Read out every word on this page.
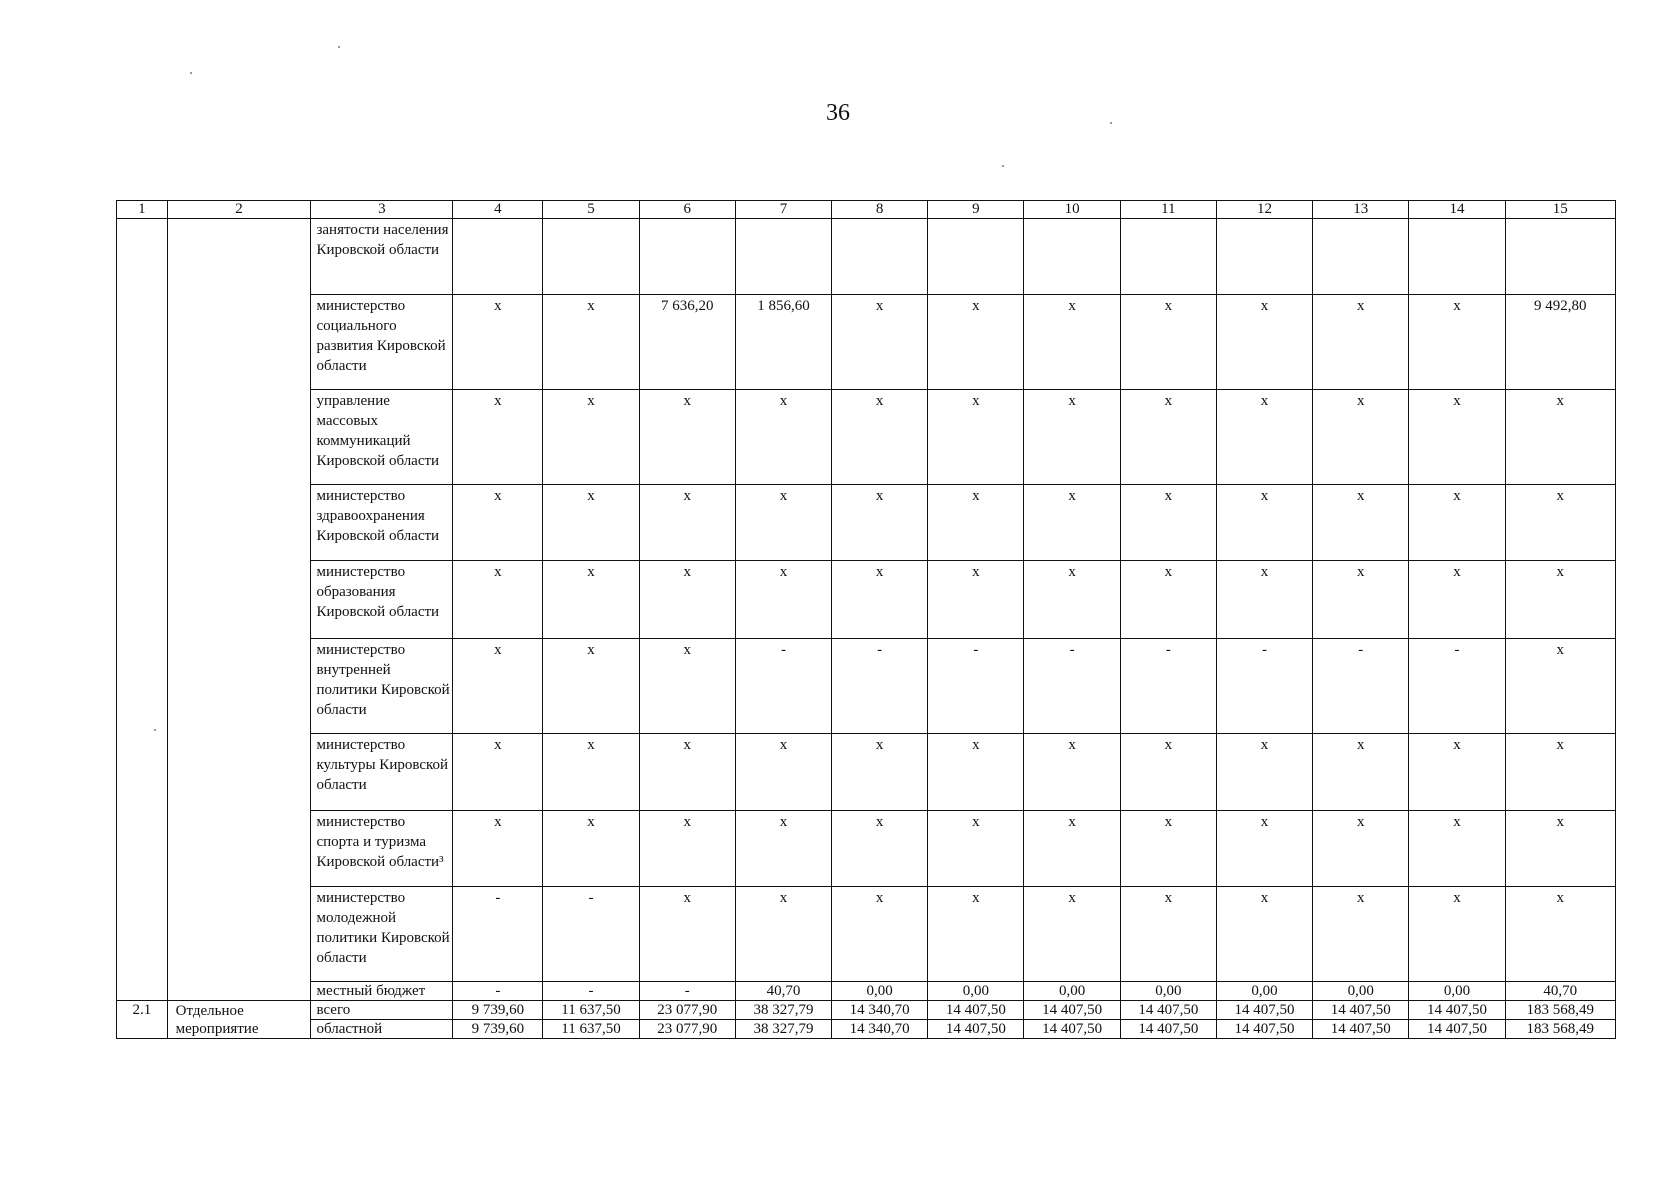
36
1	2	3	4	5	6	7	8	9	10	11	12	13	14	15
		занятости населения Кировской области												
		министерство социального развития Кировской области	x	x	7 636,20	1 856,60	x	x	x	x	x	x	x	9 492,80
		управление массовых коммуникаций Кировской области	x	x	x	x	x	x	x	x	x	x	x	x
		министерство здравоохранения Кировской области	x	x	x	x	x	x	x	x	x	x	x	x
		министерство образования Кировской области	x	x	x	x	x	x	x	x	x	x	x	x
		министерство внутренней политики Кировской области	x	x	x	-	-	-	-	-	-	-	-	x
		министерство культуры Кировской области	x	x	x	x	x	x	x	x	x	x	x	x
		министерство спорта и туризма Кировской области³	x	x	x	x	x	x	x	x	x	x	x	x
		министерство молодежной политики Кировской области	-	-	x	x	x	x	x	x	x	x	x	x
		местный бюджет	-	-	-	40,70	0,00	0,00	0,00	0,00	0,00	0,00	0,00	40,70
2.1	Отдельное мероприятие	всего	9 739,60	11 637,50	23 077,90	38 327,79	14 340,70	14 407,50	14 407,50	14 407,50	14 407,50	14 407,50	14 407,50	183 568,49
		областной	9 739,60	11 637,50	23 077,90	38 327,79	14 340,70	14 407,50	14 407,50	14 407,50	14 407,50	14 407,50	14 407,50	183 568,49
